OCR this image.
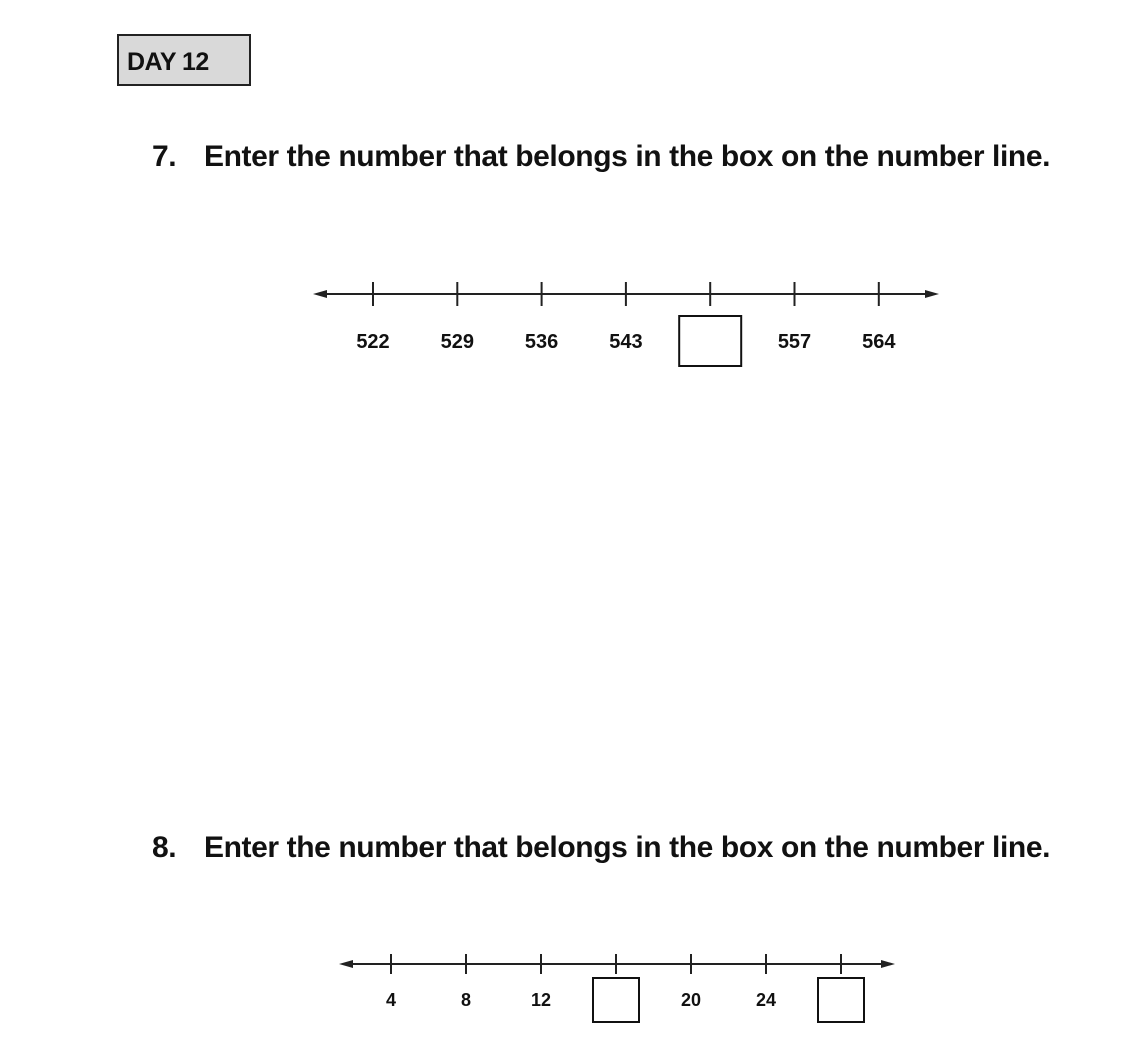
DAY 12
7. Enter the number that belongs in the box on the number line.
522	529	536	543	557	564
8. Enter the number that belongs in the box on the number line.
4	8	12	20	24
